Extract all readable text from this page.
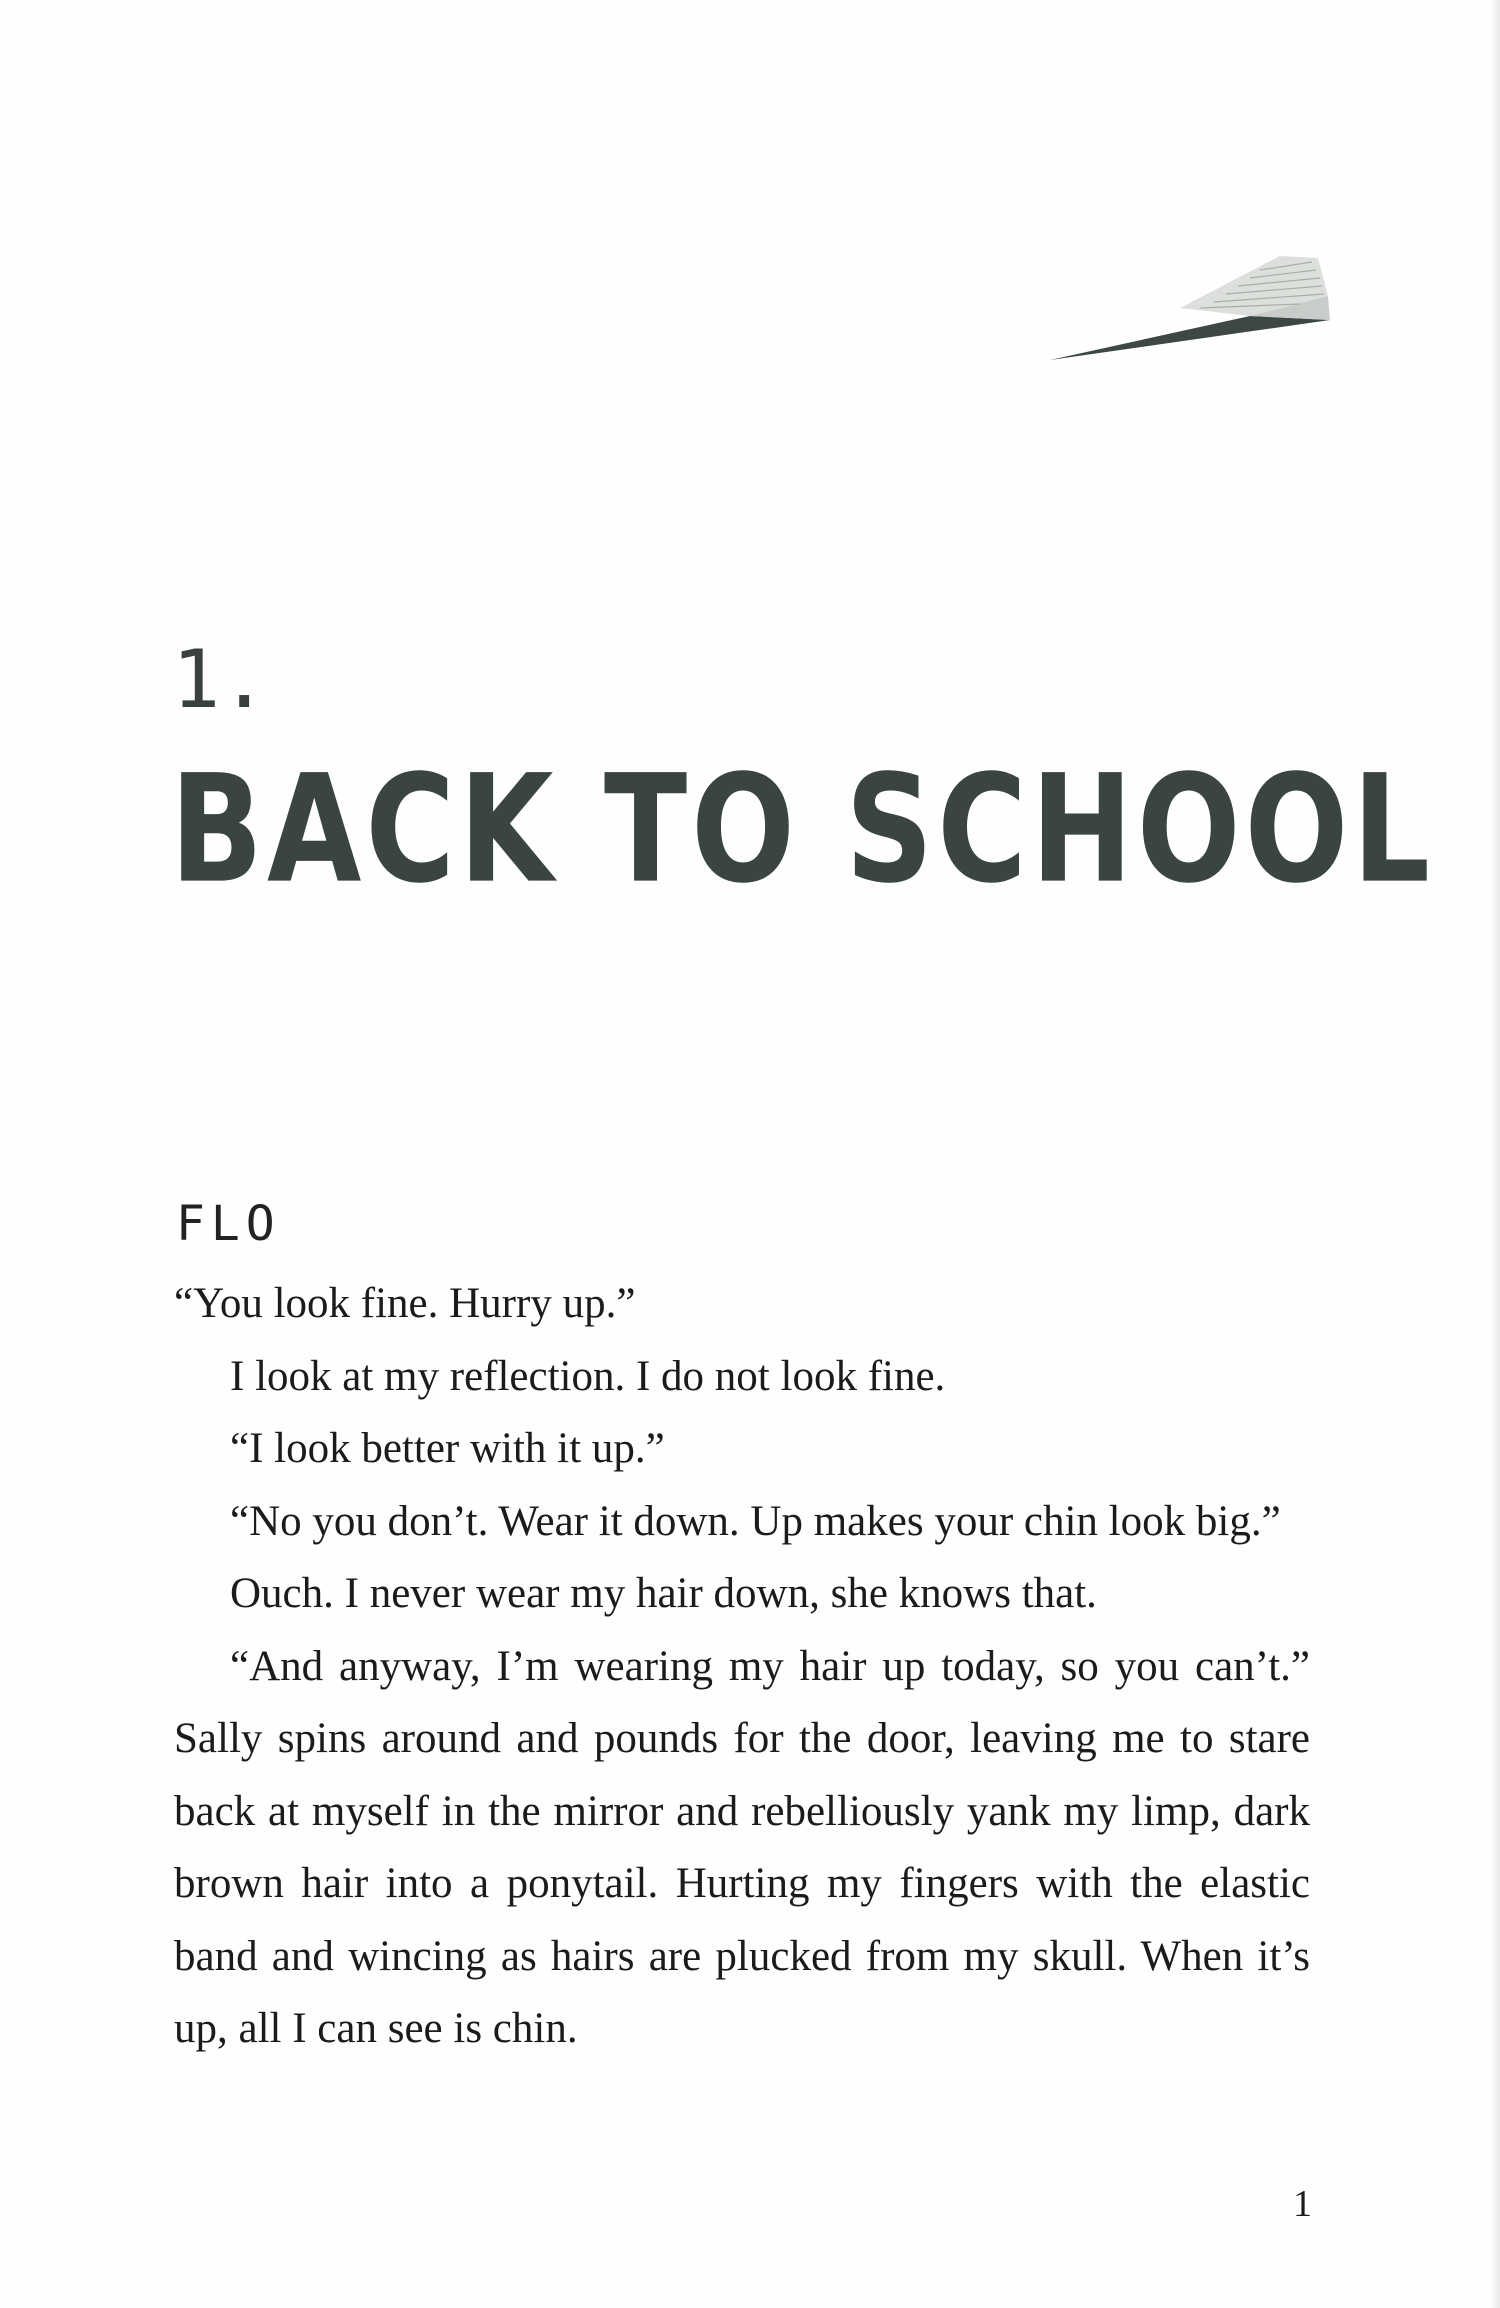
1.
BACK TO SCHOOL
FLO

“You look fine. Hurry up.”

I look at my reflection. I do not look fine.

“I look better with it up.”

“No you don’t. Wear it down. Up makes your chin look big.”

Ouch. I never wear my hair down, she knows that.

“And anyway, I’m wearing my hair up today, so you can’t.” Sally spins around and pounds for the door, leaving me to stare back at myself in the mirror and rebelliously yank my limp, dark brown hair into a ponytail. Hurting my fingers with the elastic band and wincing as hairs are plucked from my skull. When it’s up, all I can see is chin.

1
